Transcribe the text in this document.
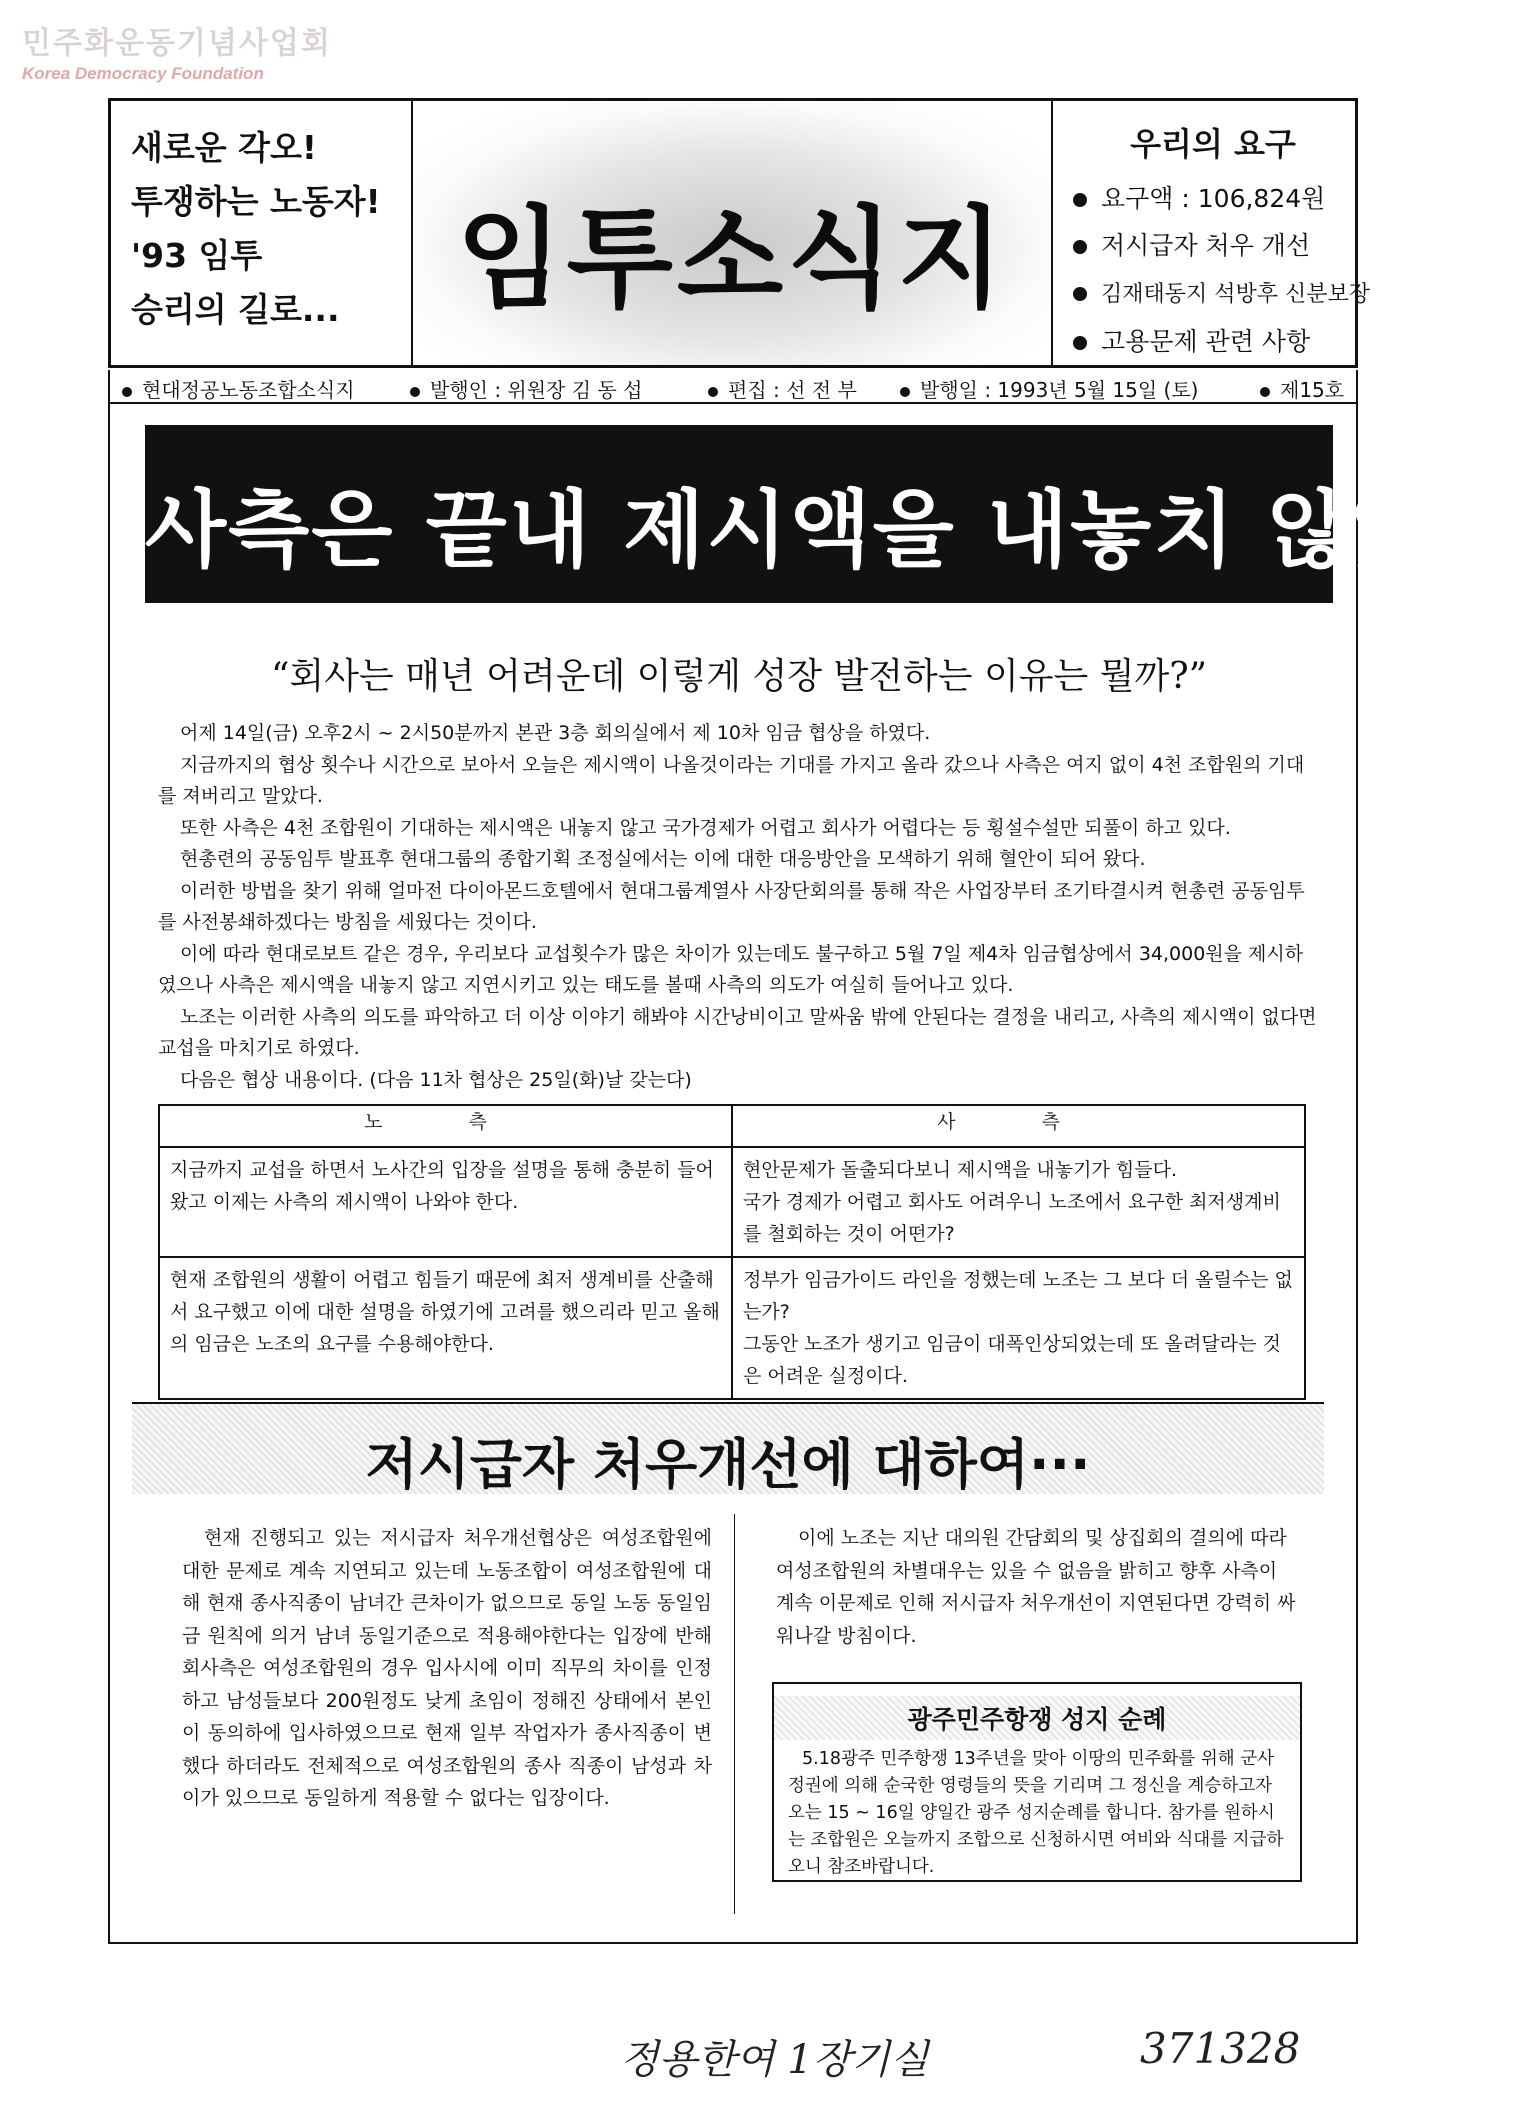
민주화운동기념사업회
Korea Democracy Foundation
새로운 각오!
투쟁하는 노동자!
'93 임투
승리의 길로...	임투소식지
우리의 요구
요구액 : 106,824원
저시급자 처우 개선
김재태동지 석방후 신분보장
고용문제 관련 사항
현대정공노동조합소식지	발행인 : 위원장 김 동 섭	편집 : 선 전 부	발행일 : 1993년 5월 15일 (토)	제15호
사측은 끝내 제시액을 내놓치 않았다
“회사는 매년 어려운데 이렇게 성장 발전하는 이유는 뭘까?”

어제 14일(금) 오후2시 ~ 2시50분까지 본관 3층 회의실에서 제 10차 임금 협상을 하였다.

지금까지의 협상 횟수나 시간으로 보아서 오늘은 제시액이 나올것이라는 기대를 가지고 올라 갔으나 사측은 여지 없이 4천 조합원의 기대를 져버리고 말았다.

또한 사측은 4천 조합원이 기대하는 제시액은 내놓지 않고 국가경제가 어렵고 회사가 어렵다는 등 횡설수설만 되풀이 하고 있다.

현총련의 공동임투 발표후 현대그룹의 종합기획 조정실에서는 이에 대한 대응방안을 모색하기 위해 혈안이 되어 왔다.

이러한 방법을 찾기 위해 얼마전 다이아몬드호텔에서 현대그룹계열사 사장단회의를 통해 작은 사업장부터 조기타결시켜 현총련 공동임투를 사전봉쇄하겠다는 방침을 세웠다는 것이다.

이에 따라 현대로보트 같은 경우, 우리보다 교섭횟수가 많은 차이가 있는데도 불구하고 5월 7일 제4차 임금협상에서 34,000원을 제시하였으나 사측은 제시액을 내놓지 않고 지연시키고 있는 태도를 볼때 사측의 의도가 여실히 들어나고 있다.

노조는 이러한 사측의 의도를 파악하고 더 이상 이야기 해봐야 시간낭비이고 말싸움 밖에 안된다는 결정을 내리고, 사측의 제시액이 없다면 교섭을 마치기로 하였다.

다음은 협상 내용이다. (다음 11차 협상은 25일(화)날 갖는다)

노 측	사 측

지금까지 교섭을 하면서 노사간의 입장을 설명을 통해 충분히 들어왔고 이제는 사측의 제시액이 나와야 한다.	현안문제가 돌출되다보니 제시액을 내놓기가 힘들다.
국가 경제가 어렵고 회사도 어려우니 노조에서 요구한 최저생계비를 철회하는 것이 어떤가?

현재 조합원의 생활이 어렵고 힘들기 때문에 최저 생계비를 산출해서 요구했고 이에 대한 설명을 하였기에 고려를 했으리라 믿고 올해의 임금은 노조의 요구를 수용해야한다.	정부가 임금가이드 라인을 정했는데 노조는 그 보다 더 올릴수는 없는가?
그동안 노조가 생기고 임금이 대폭인상되었는데 또 올려달라는 것은 어려운 실정이다.
저시급자 처우개선에 대하여···

현재 진행되고 있는 저시급자 처우개선협상은 여성조합원에 대한 문제로 계속 지연되고 있는데 노동조합이 여성조합원에 대해 현재 종사직종이 남녀간 큰차이가 없으므로 동일 노동 동일임금 원칙에 의거 남녀 동일기준으로 적용해야한다는 입장에 반해 회사측은 여성조합원의 경우 입사시에 이미 직무의 차이를 인정하고 남성들보다 200원정도 낮게 초임이 정해진 상태에서 본인이 동의하에 입사하였으므로 현재 일부 작업자가 종사직종이 변했다 하더라도 전체적으로 여성조합원의 종사 직종이 남성과 차이가 있으므로 동일하게 적용할 수 없다는 입장이다.

이에 노조는 지난 대의원 간담회의 및 상집회의 결의에 따라 여성조합원의 차별대우는 있을 수 없음을 밝히고 향후 사측이 계속 이문제로 인해 저시급자 처우개선이 지연된다면 강력히 싸워나갈 방침이다.

광주민주항쟁 성지 순례

5.18광주 민주항쟁 13주년을 맞아 이땅의 민주화를 위해 군사정권에 의해 순국한 영령들의 뜻을 기리며 그 정신을 계승하고자 오는 15 ~ 16일 양일간 광주 성지순례를 합니다. 참가를 원하시는 조합원은 오늘까지 조합으로 신청하시면 여비와 식대를 지급하오니 참조바랍니다.

정용한여 1장기실	371328
